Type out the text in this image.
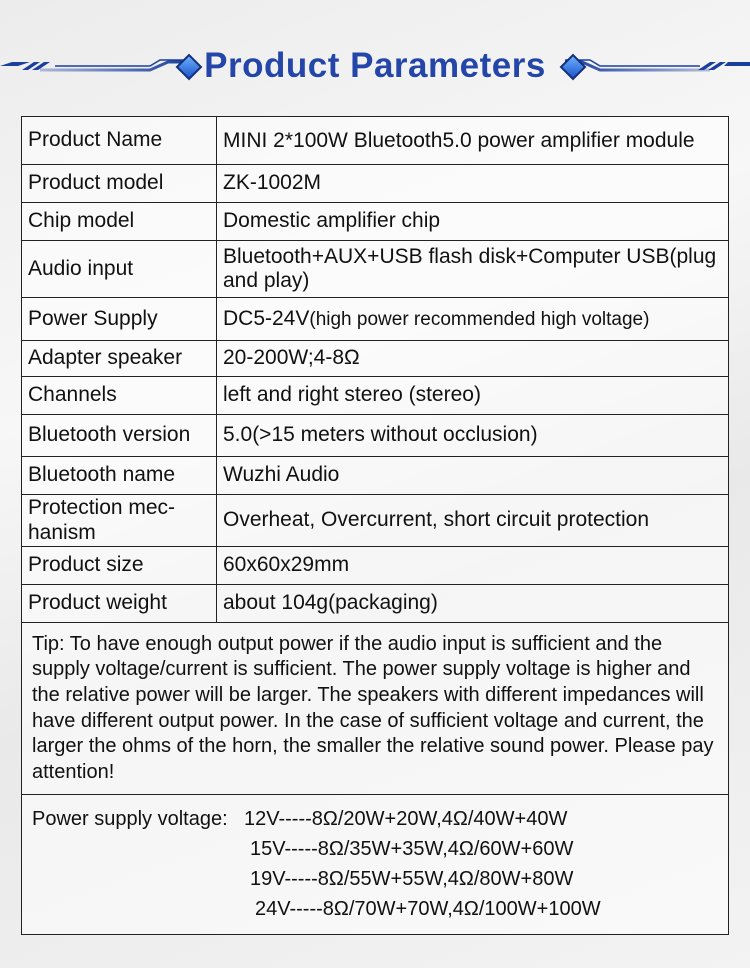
Product Parameters
Product Name	MINI 2*100W Bluetooth5.0 power amplifier module
Product model	ZK-1002M
Chip model	Domestic amplifier chip
Audio input	Bluetooth+AUX+USB flash disk+Computer USB(plug and play)
Power Supply	DC5-24V(high power recommended high voltage)
Adapter speaker	20-200W;4-8Ω
Channels	left and right stereo (stereo)
Bluetooth version	5.0(>15 meters without occlusion)
Bluetooth name	Wuzhi Audio
Protection mec-hanism	Overheat, Overcurrent, short circuit protection
Product size	60x60x29mm
Product weight	about 104g(packaging)
Tip: To have enough output power if the audio input is sufficient and the supply voltage/current is sufficient. The power supply voltage is higher and the relative power will be larger. The speakers with different impedances will have different output power. In the case of sufficient voltage and current, the larger the ohms of the horn, the smaller the relative sound power. Please pay attention!	

Power supply voltage: 12V-----8Ω/20W+20W,4Ω/40W+40W
15V-----8Ω/35W+35W,4Ω/60W+60W
19V-----8Ω/55W+55W,4Ω/80W+80W
24V-----8Ω/70W+70W,4Ω/100W+100W	
